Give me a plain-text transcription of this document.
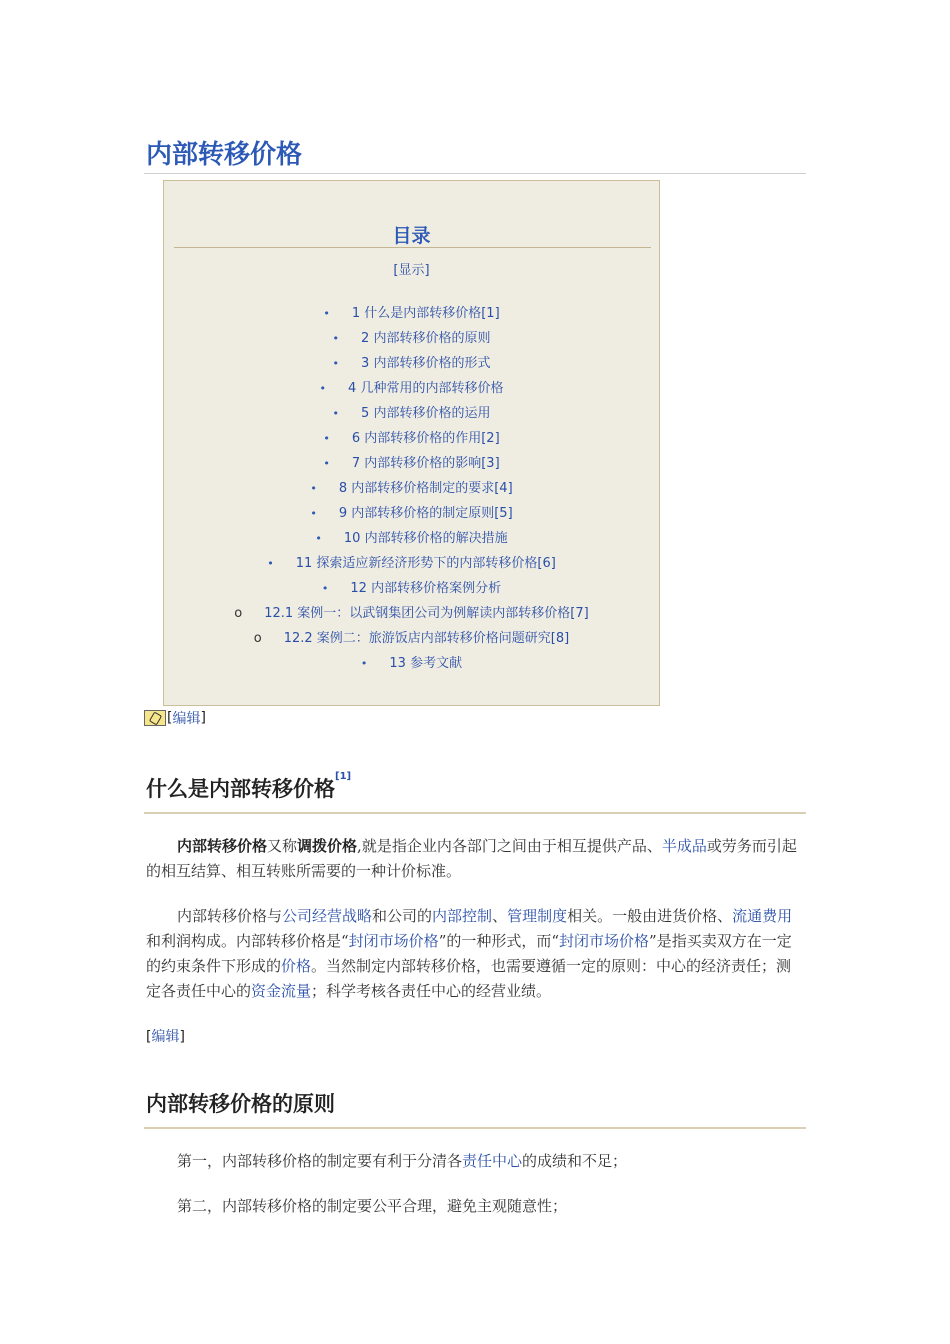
内部转移价格
目录
[显示]
• 1 什么是内部转移价格[1]
• 2 内部转移价格的原则
• 3 内部转移价格的形式
• 4 几种常用的内部转移价格
• 5 内部转移价格的运用
• 6 内部转移价格的作用[2]
• 7 内部转移价格的影响[3]
• 8 内部转移价格制定的要求[4]
• 9 内部转移价格的制定原则[5]
• 10 内部转移价格的解决措施
• 11 探索适应新经济形势下的内部转移价格[6]
• 12 内部转移价格案例分析
o 12.1 案例一：以武钢集团公司为例解读内部转移价格[7]
o 12.2 案例二：旅游饭店内部转移价格问题研究[8]
• 13 参考文献
[ 编辑 ]
什么是内部转移价格[1]

内部转移价格又称调拨价格,就是指企业内各部门之间由于相互提供产品、半成品或劳务而引起的相互结算、相互转账所需要的一种计价标准。

内部转移价格与公司经营战略和公司的内部控制、管理制度相关。一般由进货价格、流通费用和利润构成。内部转移价格是“封闭市场价格”的一种形式，而“封闭市场价格”是指买卖双方在一定的约束条件下形成的价格。当然制定内部转移价格，也需要遵循一定的原则：中心的经济责任；测定各责任中心的资金流量；科学考核各责任中心的经营业绩。

[编辑]
内部转移价格的原则

第一，内部转移价格的制定要有利于分清各责任中心的成绩和不足；

第二，内部转移价格的制定要公平合理，避免主观随意性；
